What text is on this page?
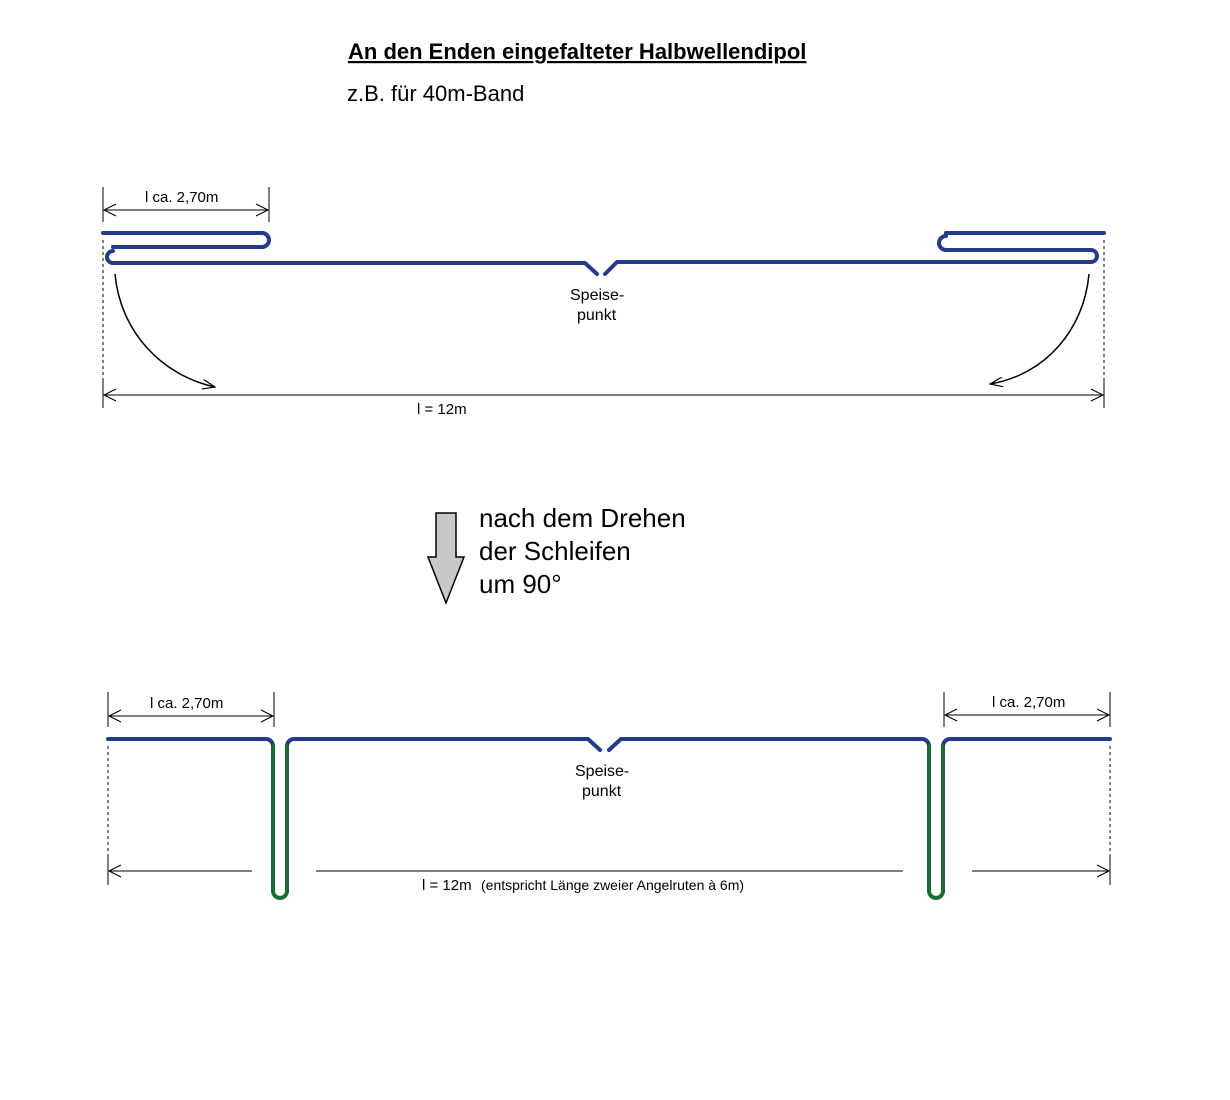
An den Enden eingefalteter Halbwellendipol
z.B. für 40m-Band
l ca. 2,70m
Speise-
punkt
l = 12m
nach dem Drehen
der Schleifen
um 90°
l ca. 2,70m	l ca. 2,70m
Speise-
punkt
l = 12m (entspricht Länge zweier Angelruten à 6m)
